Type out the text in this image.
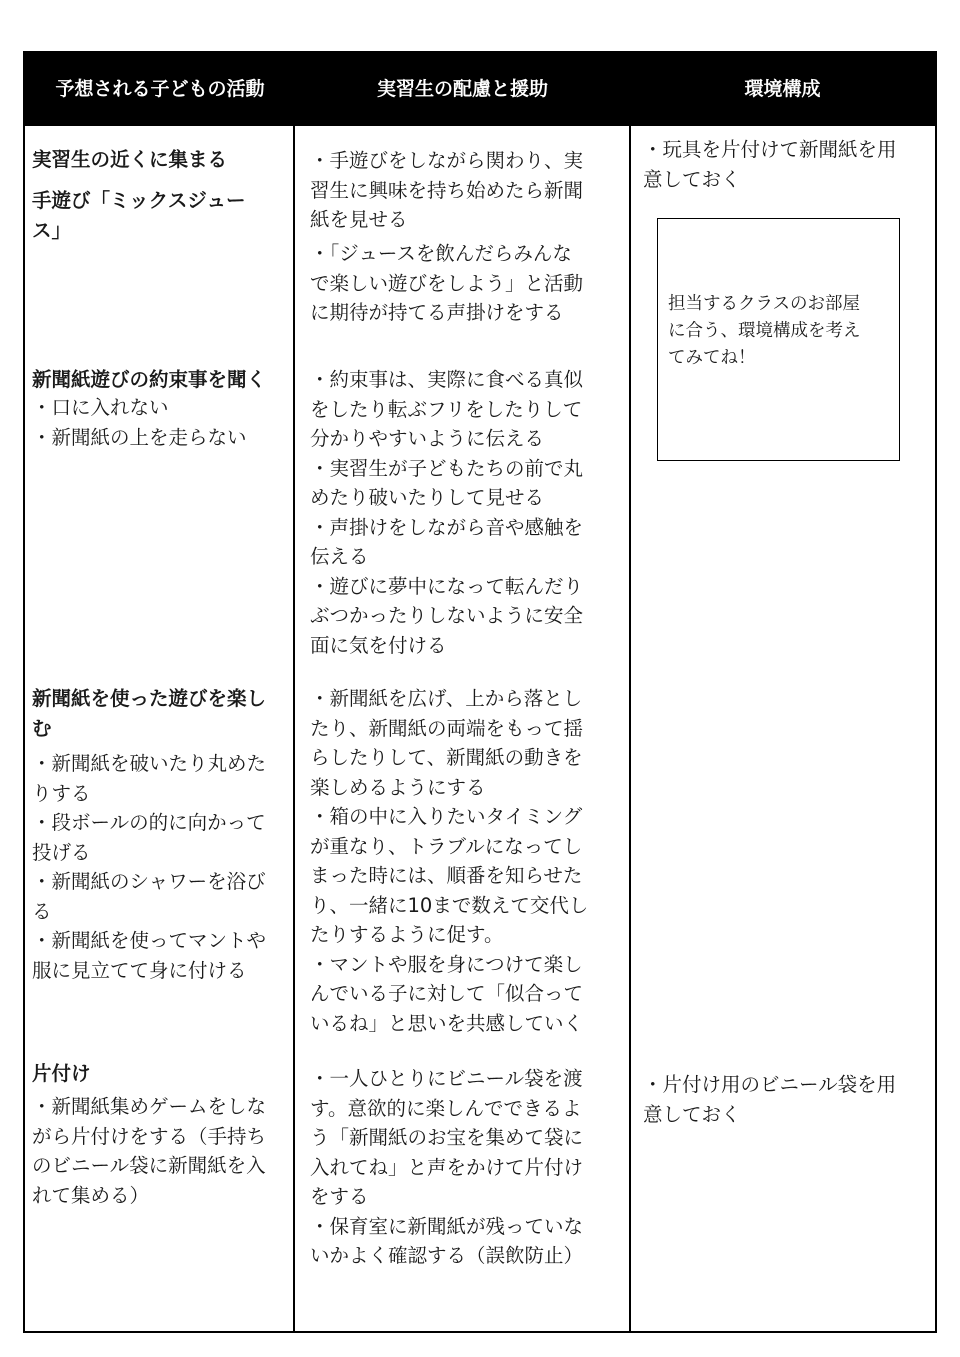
予想される子どもの活動	実習生の配慮と援助	環境構成
実習生の近くに集まる
手遊び「ミックスジュー
ス」
新聞紙遊びの約束事を聞く
・口に入れない
・新聞紙の上を走らない
新聞紙を使った遊びを楽し
む
・新聞紙を破いたり丸めた
りする
・段ボールの的に向かって
投げる
・新聞紙のシャワーを浴び
る
・新聞紙を使ってマントや
服に見立てて身に付ける
片付け
・新聞紙集めゲームをしな
がら片付けをする（手持ち
のビニール袋に新聞紙を入
れて集める）
・手遊びをしながら関わり、実
習生に興味を持ち始めたら新聞
紙を見せる
・「ジュースを飲んだらみんな
で楽しい遊びをしよう」と活動
に期待が持てる声掛けをする
・約束事は、実際に食べる真似
をしたり転ぶフリをしたりして
分かりやすいように伝える
・実習生が子どもたちの前で丸
めたり破いたりして見せる
・声掛けをしながら音や感触を
伝える
・遊びに夢中になって転んだり
ぶつかったりしないように安全
面に気を付ける
・新聞紙を広げ、上から落とし
たり、新聞紙の両端をもって揺
らしたりして、新聞紙の動きを
楽しめるようにする
・箱の中に入りたいタイミング
が重なり、トラブルになってし
まった時には、順番を知らせた
り、一緒に10まで数えて交代し
たりするように促す。
・マントや服を身につけて楽し
んでいる子に対して「似合って
いるね」と思いを共感していく
・一人ひとりにビニール袋を渡
す。意欲的に楽しんでできるよ
う「新聞紙のお宝を集めて袋に
入れてね」と声をかけて片付け
をする
・保育室に新聞紙が残っていな
いかよく確認する（誤飲防止）
・玩具を片付けて新聞紙を用
意しておく
担当するクラスのお部屋
に合う、環境構成を考え
てみてね！
・片付け用のビニール袋を用
意しておく
